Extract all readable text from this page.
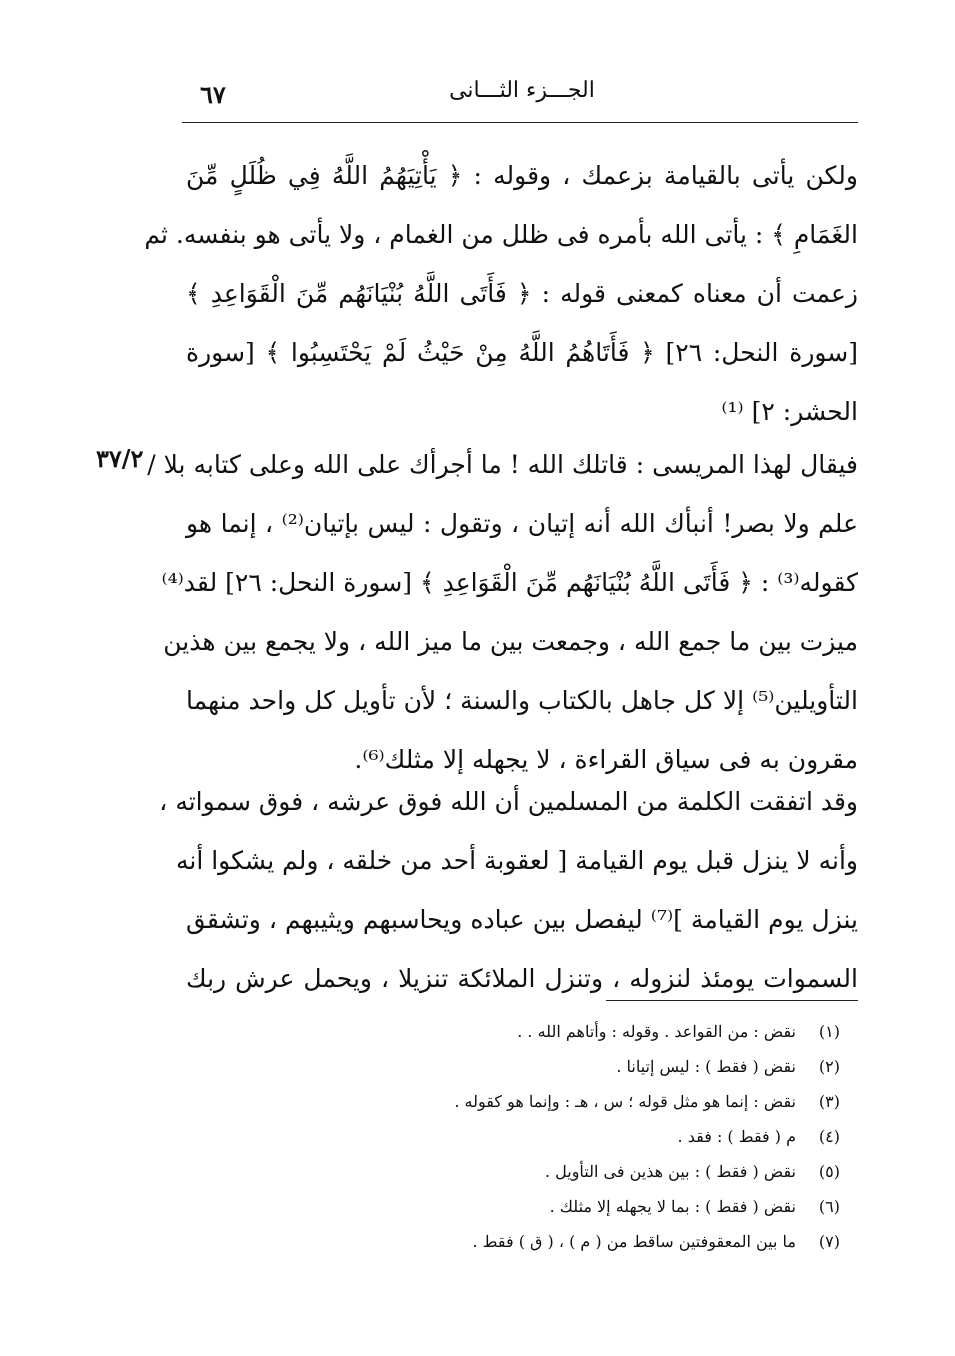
٦٧	الجـــزء الثـــانى
ولكن يأتى بالقيامة بزعمك ، وقوله : ﴿ يَأْتِيَهُمُ اللَّهُ فِي ظُلَلٍ مِّنَ
الغَمَامِ ﴾ : يأتى الله بأمره فى ظلل من الغمام ، ولا يأتى هو بنفسه. ثم
زعمت أن معناه كمعنى قوله : ﴿ فَأَتَى اللَّهُ بُنْيَانَهُم مِّنَ الْقَوَاعِدِ ﴾
[سورة النحل: ٢٦] ﴿ فَأَتَاهُمُ اللَّهُ مِنْ حَيْثُ لَمْ يَحْتَسِبُوا ﴾ [سورة
الحشر: ٢] ⁽¹⁾
٣٧/٢ فيقال لهذا المريسى : قاتلك الله ! ما أجرأك على الله وعلى كتابه بلا /
علم ولا بصر! أنبأك الله أنه إتيان ، وتقول : ليس بإتيان⁽²⁾ ، إنما هو
كقوله⁽³⁾ : ﴿ فَأَتَى اللَّهُ بُنْيَانَهُم مِّنَ الْقَوَاعِدِ ﴾ [سورة النحل: ٢٦] لقد⁽⁴⁾
ميزت بين ما جمع الله ، وجمعت بين ما ميز الله ، ولا يجمع بين هذين
التأويلين⁽⁵⁾ إلا كل جاهل بالكتاب والسنة ؛ لأن تأويل كل واحد منهما
مقرون به فى سياق القراءة ، لا يجهله إلا مثلك⁽⁶⁾.
وقد اتفقت الكلمة من المسلمين أن الله فوق عرشه ، فوق سمواته ،
وأنه لا ينزل قبل يوم القيامة [ لعقوبة أحد من خلقه ، ولم يشكوا أنه
ينزل يوم القيامة ]⁽⁷⁾ ليفصل بين عباده ويحاسبهم ويثيبهم ، وتشقق
السموات يومئذ لنزوله ، وتنزل الملائكة تنزيلا ، ويحمل عرش ربك
(١)نقض : من القواعد . وقوله : وأتاهم الله . .
(٢)نقض ( فقط ) : ليس إتيانا .
(٣)نقض : إنما هو مثل قوله ؛ س ، هـ : وإنما هو كقوله .
(٤)م ( فقط ) : فقد .
(٥)نقض ( فقط ) : بين هذين فى التأويل .
(٦)نقض ( فقط ) : بما لا يجهله إلا مثلك .
(٧)ما بين المعقوفتين ساقط من ( م ) ، ( ق ) فقط .
